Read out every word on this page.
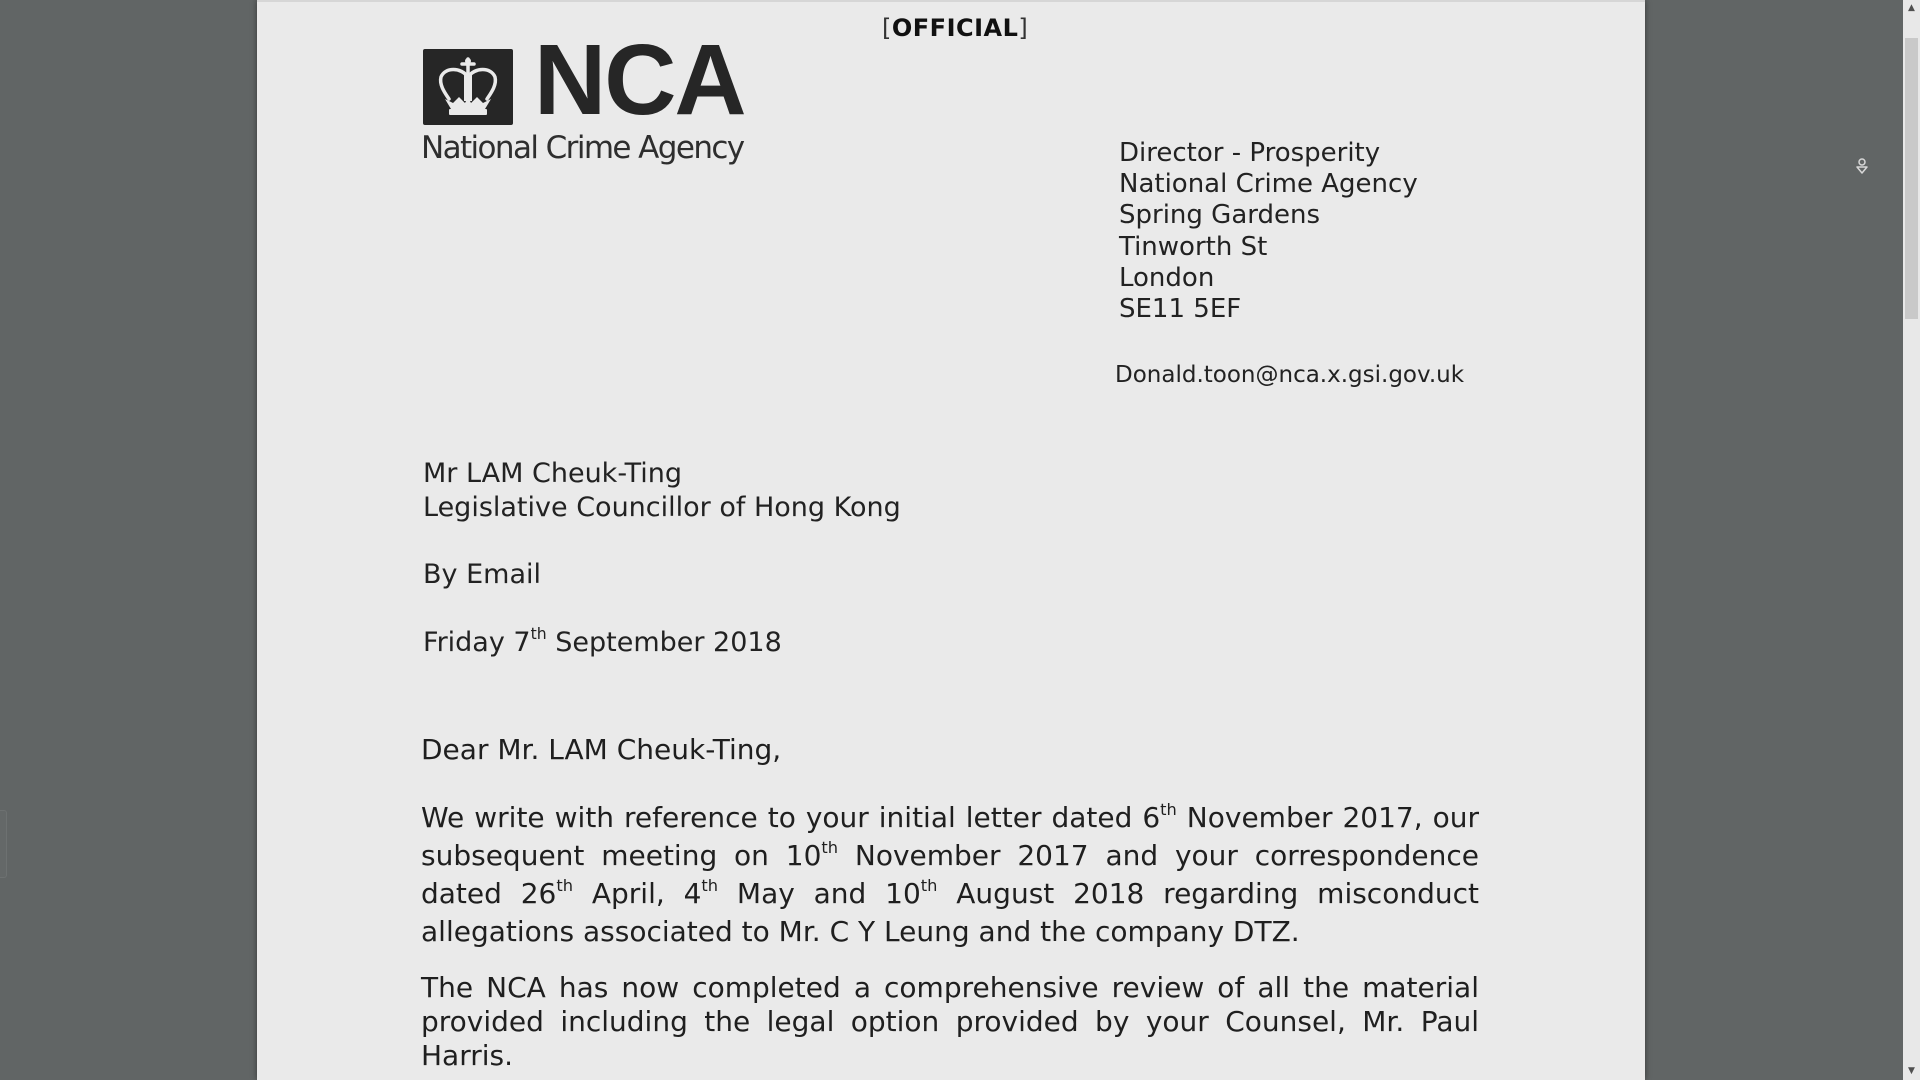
[OFFICIAL]
NCA
National Crime Agency	Director - Prosperity
National Crime Agency
Spring Gardens
Tinworth St
London
SE11 5EF
Donald.toon@nca.x.gsi.gov.uk
Mr LAM Cheuk-Ting
Legislative Councillor of Hong Kong
By Email
Friday 7th September 2018
Dear Mr. LAM Cheuk-Ting,
We write with reference to your initial letter dated 6th November 2017, our
subsequent meeting on 10th November 2017 and your correspondence
dated 26th April, 4th May and 10th August 2018 regarding misconduct
allegations associated to Mr. C Y Leung and the company DTZ.
The NCA has now completed a comprehensive review of all the material
provided including the legal option provided by your Counsel, Mr. Paul
Harris.
▲
▼
